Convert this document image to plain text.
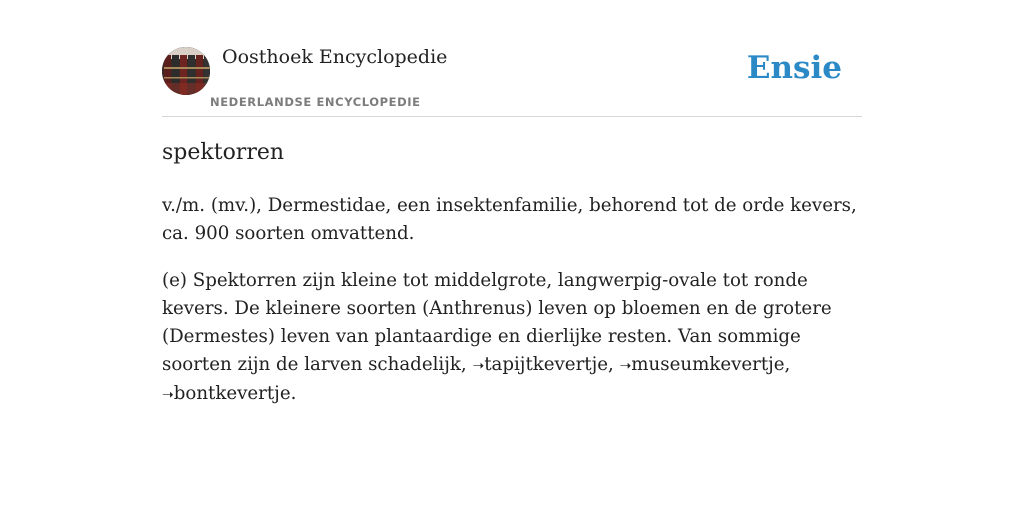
Oosthoek Encyclopedie
NEDERLANDSE ENCYCLOPEDIE
Ensie
spektorren

v./m. (mv.), Dermestidae, een insektenfamilie, behorend tot de orde kevers, ca. 900 soorten omvattend.

(e) Spektorren zijn kleine tot middelgrote, langwerpig-ovale tot ronde kevers. De kleinere soorten (Anthrenus) leven op bloemen en de grotere (Dermestes) leven van plantaardige en dierlijke resten. Van sommige soorten zijn de larven schadelijk, ➝tapijtkevertje, ➝museumkevertje, ➝bontkevertje.
